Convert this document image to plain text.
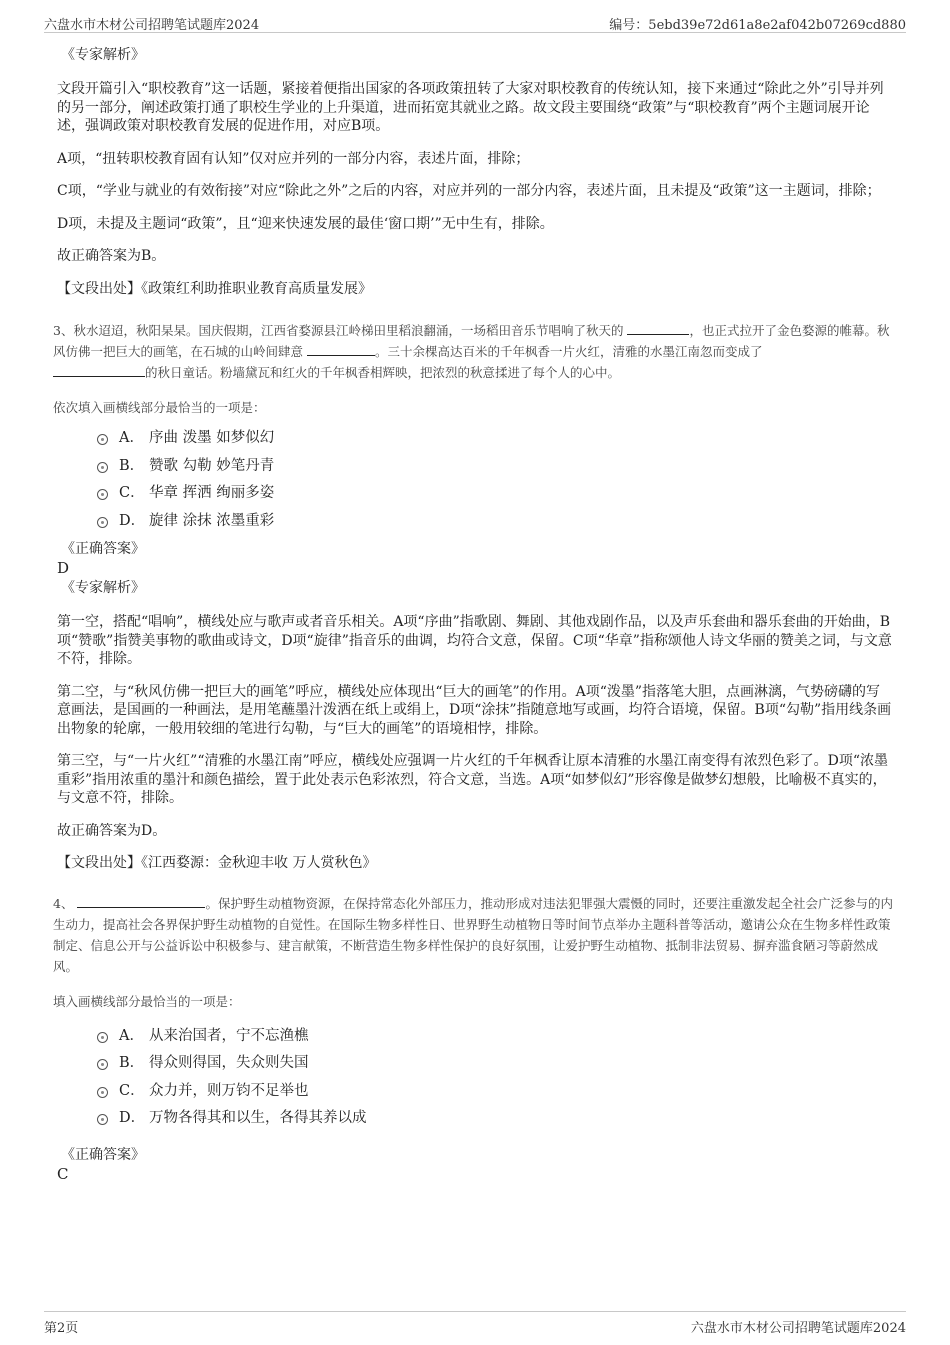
六盘水市木材公司招聘笔试题库2024	编号：5ebd39e72d61a8e2af042b07269cd880

《专家解析》

文段开篇引入“职校教育”这一话题，紧接着便指出国家的各项政策扭转了大家对职校教育的传统认知，接下来通过“除此之外”引导并列的另一部分，阐述政策打通了职校生学业的上升渠道，进而拓宽其就业之路。故文段主要围绕“政策”与“职校教育”两个主题词展开论述，强调政策对职校教育发展的促进作用，对应B项。

A项，“扭转职校教育固有认知”仅对应并列的一部分内容，表述片面，排除；

C项，“学业与就业的有效衔接”对应“除此之外”之后的内容，对应并列的一部分内容，表述片面，且未提及“政策”这一主题词，排除；

D项，未提及主题词“政策”，且“迎来快速发展的最佳‘窗口期’”无中生有，排除。

故正确答案为B。

【文段出处】《政策红利助推职业教育高质量发展》

3、秋水迢迢，秋阳杲杲。国庆假期，江西省婺源县江岭梯田里稻浪翻涌，一场稻田音乐节唱响了秋天的	，也正式拉开了金色婺源的帷幕。秋风仿佛一把巨大的画笔，在石城的山岭间肆意	。三十余棵高达百米的千年枫香一片火红，清雅的水墨江南忽而变成了
的秋日童话。粉墙黛瓦和红火的千年枫香相辉映，把浓烈的秋意揉进了每个人的心中。

依次填入画横线部分最恰当的一项是：

A． 序曲 泼墨 如梦似幻
B． 赞歌 勾勒 妙笔丹青
C． 华章 挥洒 绚丽多姿
D． 旋律 涂抹 浓墨重彩

《正确答案》

D

《专家解析》

第一空，搭配“唱响”，横线处应与歌声或者音乐相关。A项“序曲”指歌剧、舞剧、其他戏剧作品，以及声乐套曲和器乐套曲的开始曲，B项“赞歌”指赞美事物的歌曲或诗文，D项“旋律”指音乐的曲调，均符合文意，保留。C项“华章”指称颂他人诗文华丽的赞美之词，与文意不符，排除。

第二空，与“秋风仿佛一把巨大的画笔”呼应，横线处应体现出“巨大的画笔”的作用。A项“泼墨”指落笔大胆，点画淋漓，气势磅礴的写意画法，是国画的一种画法，是用笔蘸墨汁泼洒在纸上或绢上，D项“涂抹”指随意地写或画，均符合语境，保留。B项“勾勒”指用线条画出物象的轮廓，一般用较细的笔进行勾勒，与“巨大的画笔”的语境相悖，排除。

第三空，与“一片火红”“清雅的水墨江南”呼应，横线处应强调一片火红的千年枫香让原本清雅的水墨江南变得有浓烈色彩了。D项“浓墨重彩”指用浓重的墨汁和颜色描绘，置于此处表示色彩浓烈，符合文意，当选。A项“如梦似幻”形容像是做梦幻想般，比喻极不真实的，与文意不符，排除。

故正确答案为D。

【文段出处】《江西婺源：金秋迎丰收 万人赏秋色》

4、	。保护野生动植物资源，在保持常态化外部压力，推动形成对违法犯罪强大震慑的同时，还要注重激发起全社会广泛参与的内生动力，提高社会各界保护野生动植物的自觉性。在国际生物多样性日、世界野生动植物日等时间节点举办主题科普等活动，邀请公众在生物多样性政策制定、信息公开与公益诉讼中积极参与、建言献策，不断营造生物多样性保护的良好氛围，让爱护野生动植物、抵制非法贸易、摒弃滥食陋习等蔚然成风。

填入画横线部分最恰当的一项是：

A． 从来治国者，宁不忘渔樵
B． 得众则得国，失众则失国
C． 众力并，则万钧不足举也
D． 万物各得其和以生，各得其养以成

《正确答案》

C

第2页	六盘水市木材公司招聘笔试题库2024
